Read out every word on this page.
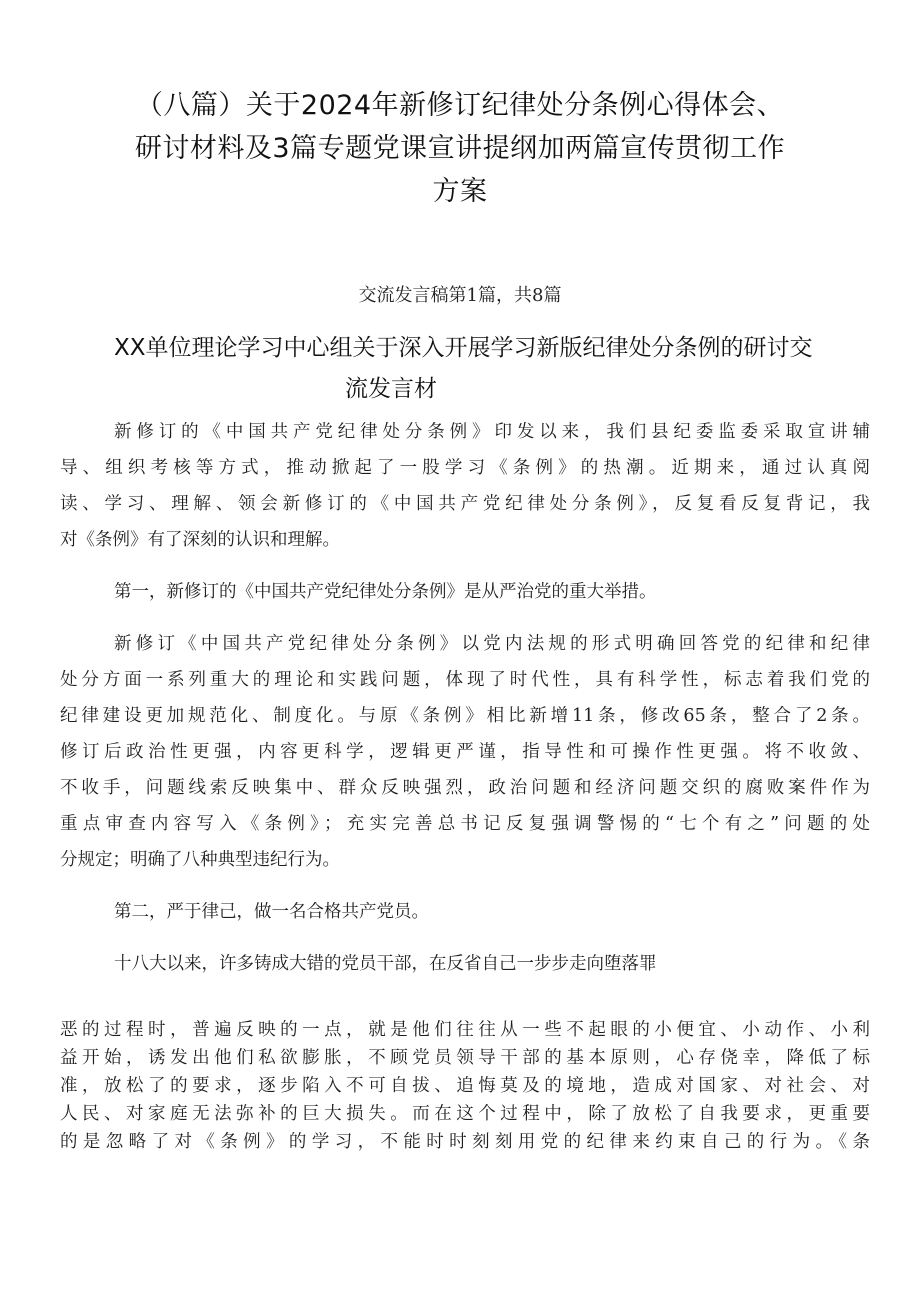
（八篇）关于2024年新修订纪律处分条例心得体会、
研讨材料及3篇专题党课宣讲提纲加两篇宣传贯彻工作
方案
交流发言稿第1篇，共8篇
XX单位理论学习中心组关于深入开展学习新版纪律处分条例的研讨交
流发言材
新修订的《中国共产党纪律处分条例》印发以来，我们县纪委监委采取宣讲辅
导、组织考核等方式，推动掀起了一股学习《条例》的热潮。近期来，通过认真阅
读、学习、理解、领会新修订的《中国共产党纪律处分条例》，反复看反复背记，我
对《条例》有了深刻的认识和理解。
第一，新修订的《中国共产党纪律处分条例》是从严治党的重大举措。
新修订《中国共产党纪律处分条例》以党内法规的形式明确回答党的纪律和纪律
处分方面一系列重大的理论和实践问题，体现了时代性，具有科学性，标志着我们党的
纪律建设更加规范化、制度化。与原《条例》相比新增11条，修改65条，整合了2条。
修订后政治性更强，内容更科学，逻辑更严谨，指导性和可操作性更强。将不收敛、
不收手，问题线索反映集中、群众反映强烈，政治问题和经济问题交织的腐败案件作为
重点审查内容写入《条例》；充实完善总书记反复强调警惕的“七个有之”问题的处
分规定；明确了八种典型违纪行为。
第二，严于律己，做一名合格共产党员。
十八大以来，许多铸成大错的党员干部，在反省自己一步步走向堕落罪
恶的过程时，普遍反映的一点，就是他们往往从一些不起眼的小便宜、小动作、小利
益开始，诱发出他们私欲膨胀，不顾党员领导干部的基本原则，心存侥幸，降低了标
准，放松了的要求，逐步陷入不可自拔、追悔莫及的境地，造成对国家、对社会、对
人民、对家庭无法弥补的巨大损失。而在这个过程中，除了放松了自我要求，更重要
的是忽略了对《条例》的学习，不能时时刻刻用党的纪律来约束自己的行为。《条
